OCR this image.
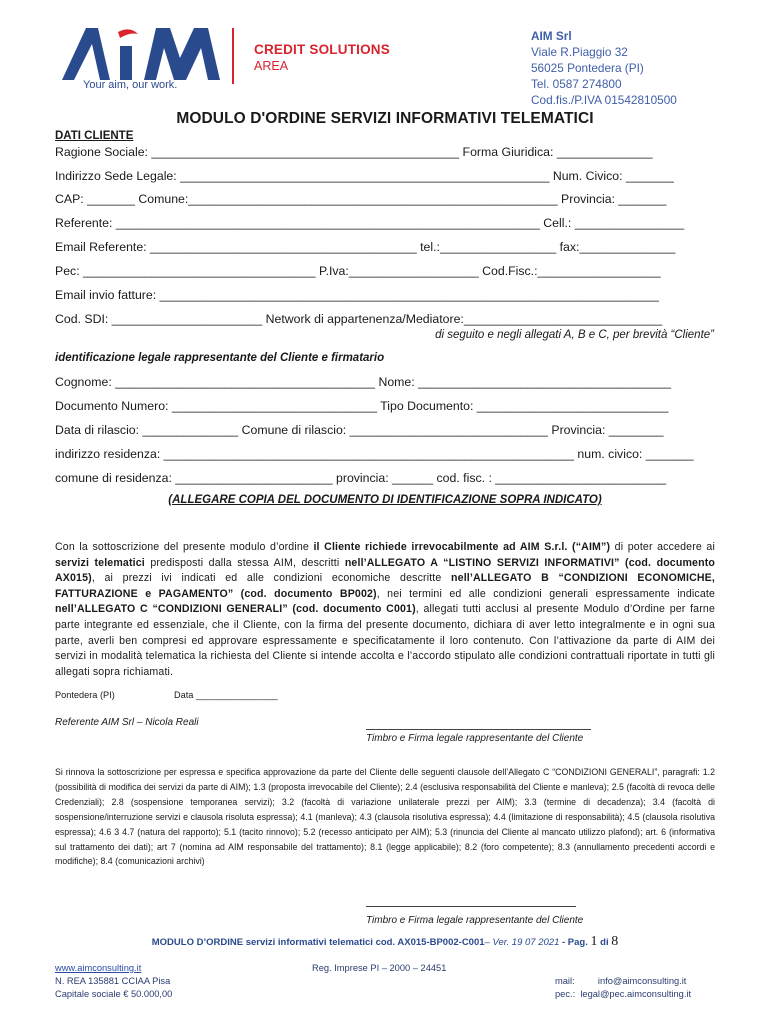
Your aim, our work.
CREDIT SOLUTIONS
AREA
AIM Srl
Viale R.Piaggio 32
56025 Pontedera (PI)
Tel. 0587 274800
Cod.fis./P.IVA 01542810500
MODULO D'ORDINE SERVIZI INFORMATIVI TELEMATICI
DATI CLIENTE
Ragione Sociale: _____________________________________________ Forma Giuridica: ______________
Indirizzo Sede Legale: ______________________________________________________ Num. Civico: _______
CAP: _______ Comune:______________________________________________________ Provincia: _______
Referente: ______________________________________________________________ Cell.: ________________
Email Referente: _______________________________________ tel.:_________________ fax:______________
Pec: __________________________________ P.Iva:___________________ Cod.Fisc.:__________________
Email invio fatture: _________________________________________________________________________
Cod. SDI: ______________________ Network di appartenenza/Mediatore:_____________________________
di seguito e negli allegati A, B e C, per brevità “Cliente”
identificazione legale rappresentante del Cliente e firmatario
Cognome: ______________________________________ Nome: _____________________________________
Documento Numero: ______________________________ Tipo Documento: ____________________________
Data di rilascio: ______________ Comune di rilascio: _____________________________ Provincia: ________
indirizzo residenza: ____________________________________________________________ num. civico: _______
comune di residenza: _______________________ provincia: ______ cod. fisc. : _________________________
(ALLEGARE COPIA DEL DOCUMENTO DI IDENTIFICAZIONE SOPRA INDICATO)
Con la sottoscrizione del presente modulo d’ordine il Cliente richiede irrevocabilmente ad AIM S.r.l. (“AIM”) di poter accedere ai servizi telematici predisposti dalla stessa AIM, descritti nell’ALLEGATO A “LISTINO SERVIZI INFORMATIVI” (cod. documento AX015), ai prezzi ivi indicati ed alle condizioni economiche descritte nell’ALLEGATO B “CONDIZIONI ECONOMICHE, FATTURAZIONE e PAGAMENTO” (cod. documento BP002), nei termini ed alle condizioni generali espressamente indicate nell’ALLEGATO C “CONDIZIONI GENERALI” (cod. documento C001), allegati tutti acclusi al presente Modulo d’Ordine per farne parte integrante ed essenziale, che il Cliente, con la firma del presente documento, dichiara di aver letto integralmente e in ogni sua parte, averli ben compresi ed approvare espressamente e specificatamente il loro contenuto. Con l’attivazione da parte di AIM dei servizi in modalità telematica la richiesta del Cliente si intende accolta e l’accordo stipulato alle condizioni contrattuali riportate in tutti gli allegati sopra richiamati.
Pontedera (PI)	Data ________________
Referente AIM Srl – Nicola Reali
Timbro e Firma legale rappresentante del Cliente
Si rinnova la sottoscrizione per espressa e specifica approvazione da parte del Cliente delle seguenti clausole dell’Allegato C “CONDIZIONI GENERALI”, paragrafi: 1.2 (possibilità di modifica dei servizi da parte di AIM); 1.3 (proposta irrevocabile del Cliente); 2.4 (esclusiva responsabilità del Cliente e manleva); 2.5 (facoltà di revoca delle Credenziali); 2.8 (sospensione temporanea servizi); 3.2 (facoltà di variazione unilaterale prezzi per AIM); 3.3 (termine di decadenza); 3.4 (facoltà di sospensione/interruzione servizi e clausola risoluta espressa); 4.1 (manleva); 4.3 (clausola risolutiva espressa); 4.4 (limitazione di responsabilità); 4.5 (clausola risolutiva espressa); 4.6 3 4.7 (natura del rapporto); 5.1 (tacito rinnovo); 5.2 (recesso anticipato per AIM); 5.3 (rinuncia del Cliente al mancato utilizzo plafond); art. 6 (informativa sul trattamento dei dati); art 7 (nomina ad AIM responsabile del trattamento); 8.1 (legge applicabile); 8.2 (foro competente); 8.3 (annullamento precedenti accordi e modifiche); 8.4 (comunicazioni archivi)
Timbro e Firma legale rappresentante del Cliente
MODULO D’ORDINE servizi informativi telematici cod. AX015-BP002-C001– Ver. 19 07 2021 - Pag. 1 di 8
www.aimconsulting.it
N. REA 135881 CCIAA Pisa
Capitale sociale € 50.000,00
Reg. Imprese PI – 2000 – 24451
mail:	info@aimconsulting.it
pec.: legal@pec.aimconsulting.it
